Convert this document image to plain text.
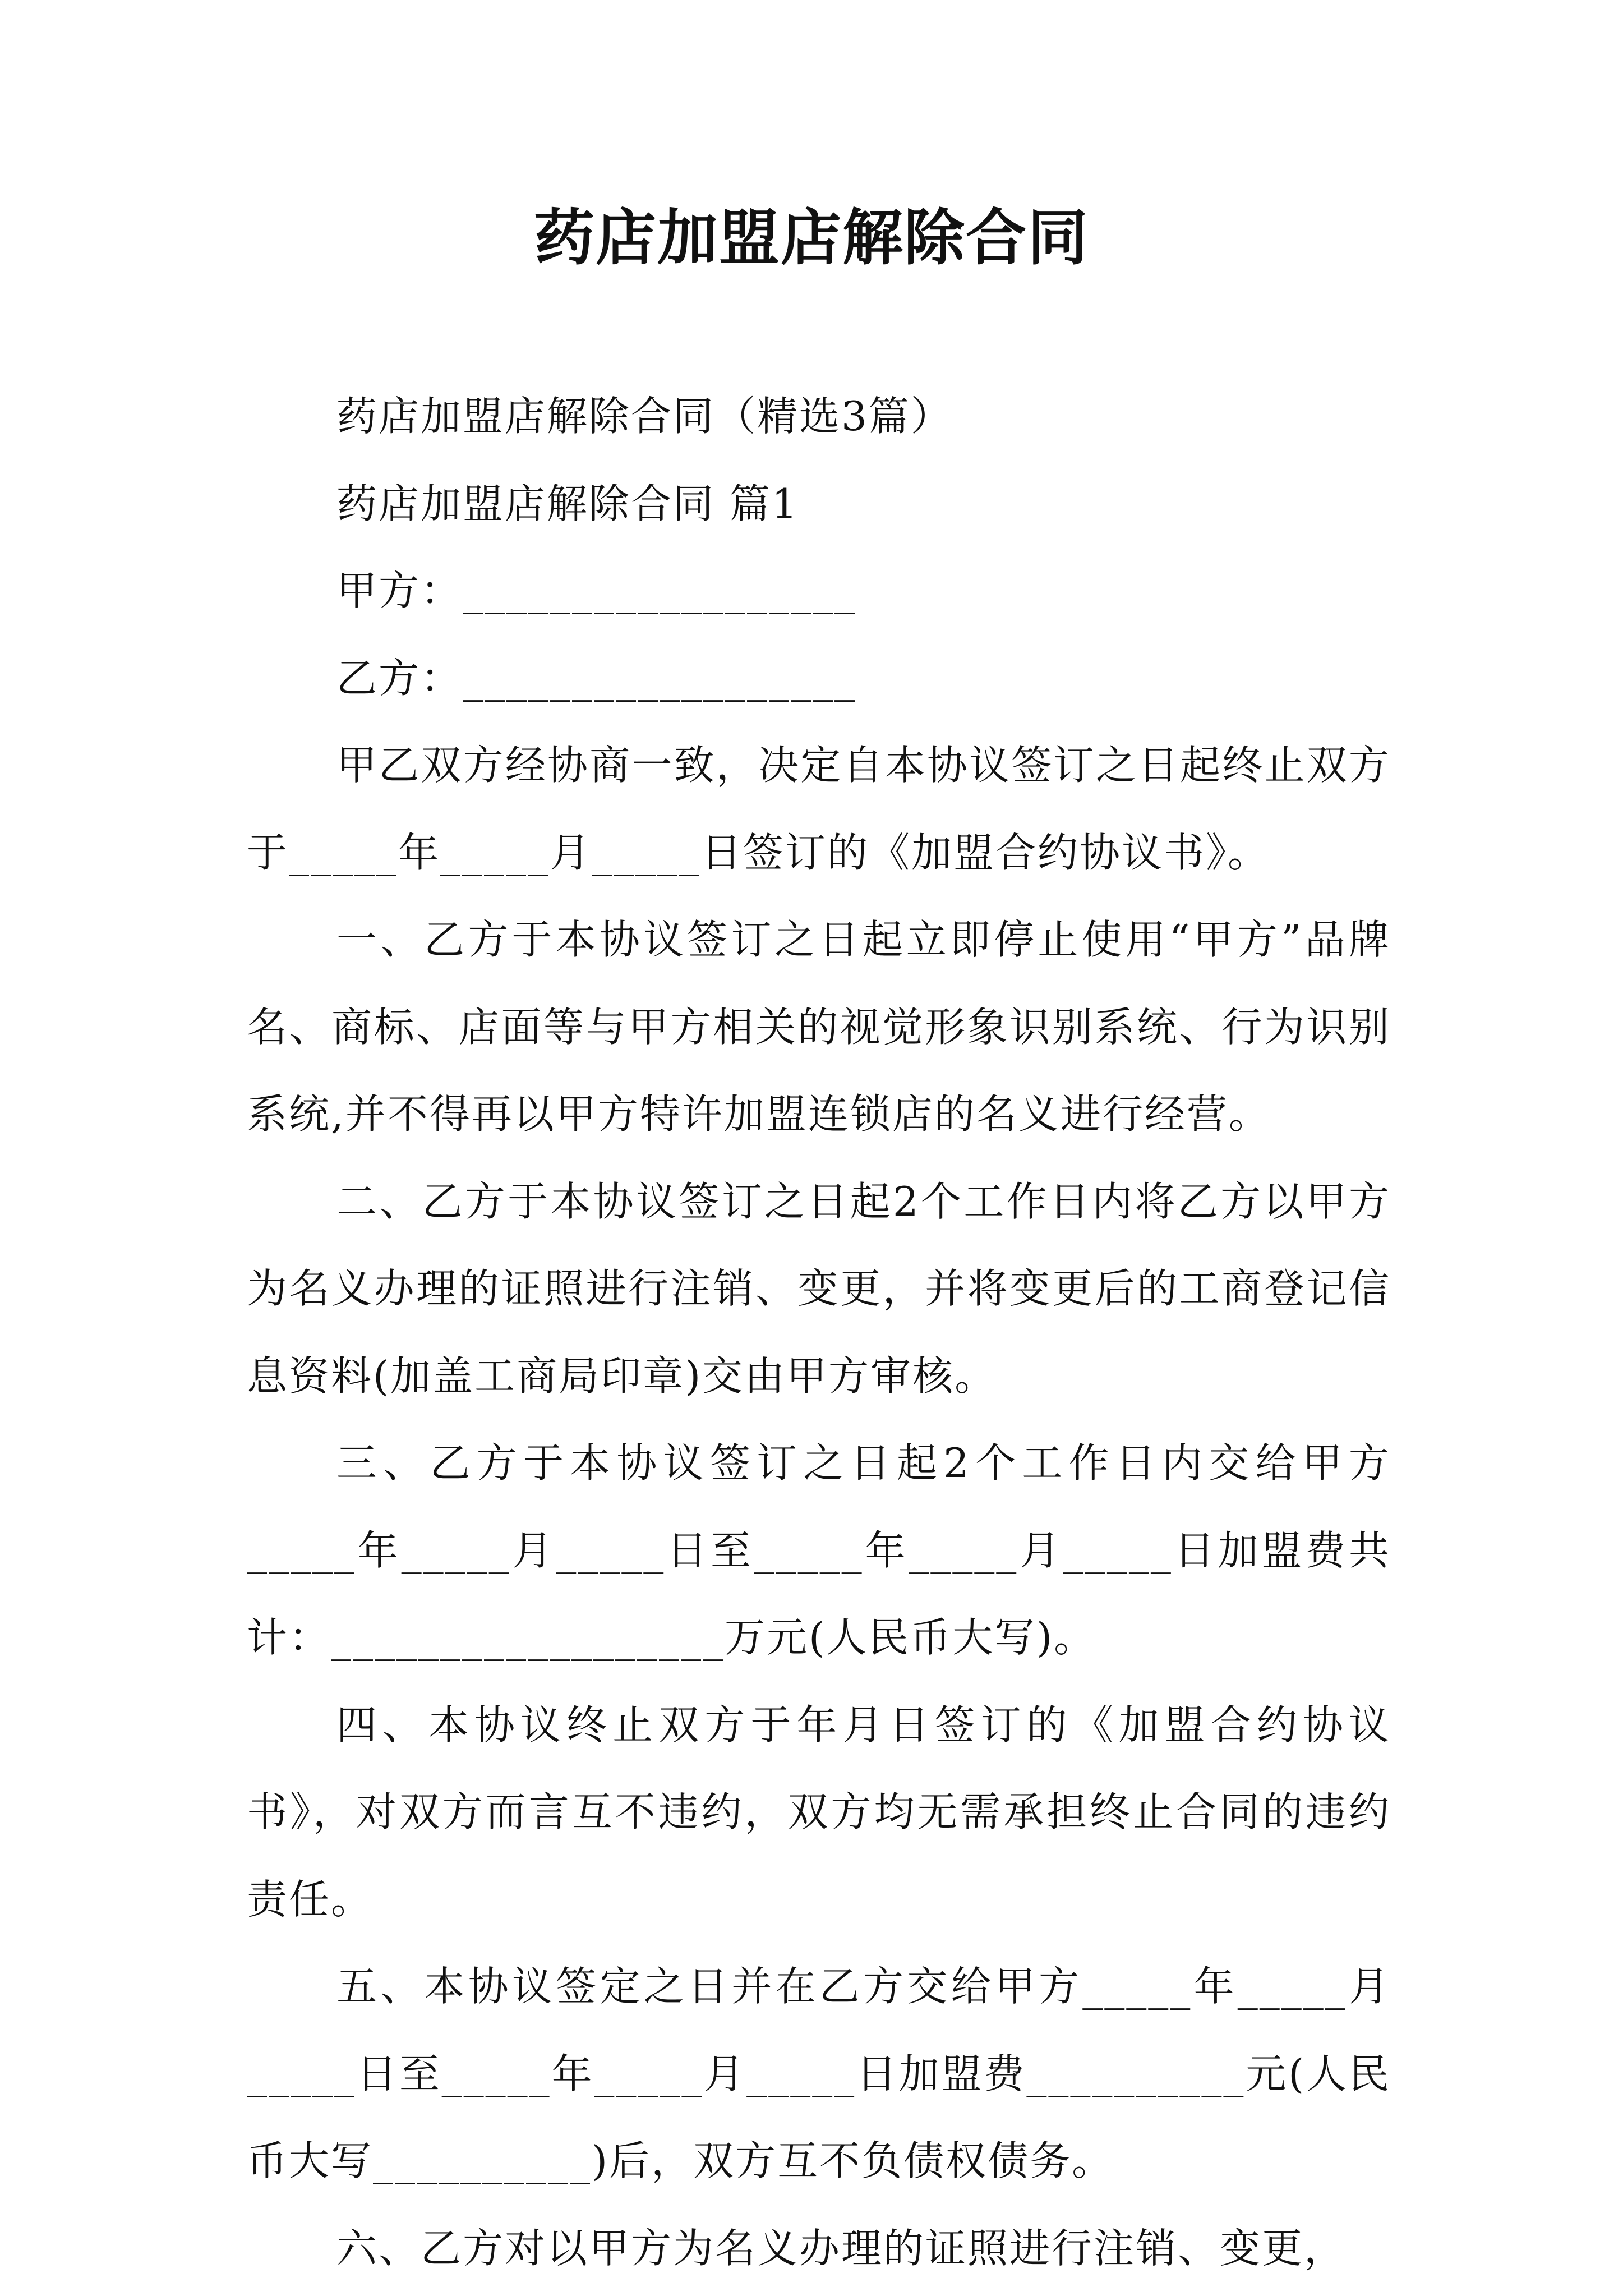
药店加盟店解除合同

药店加盟店解除合同（精选3篇）

药店加盟店解除合同 篇1

甲方：__________________

乙方：__________________

甲乙双方经协商一致，决定自本协议签订之日起终止双方于_____年_____月_____日签订的《加盟合约协议书》。

一、乙方于本协议签订之日起立即停止使用“甲方”品牌名、商标、店面等与甲方相关的视觉形象识别系统、行为识别系统,并不得再以甲方特许加盟连锁店的名义进行经营。

二、乙方于本协议签订之日起2个工作日内将乙方以甲方为名义办理的证照进行注销、变更，并将变更后的工商登记信息资料(加盖工商局印章)交由甲方审核。

三、乙方于本协议签订之日起2个工作日内交给甲方_____年_____月_____日至_____年_____月_____日加盟费共计：__________________万元(人民币大写)。

四、本协议终止双方于年月日签订的《加盟合约协议书》，对双方而言互不违约，双方均无需承担终止合同的违约责任。

五、本协议签定之日并在乙方交给甲方_____年_____月_____日至_____年_____月_____日加盟费__________元(人民币大写__________)后，双方互不负债权债务。

六、乙方对以甲方为名义办理的证照进行注销、变更，
